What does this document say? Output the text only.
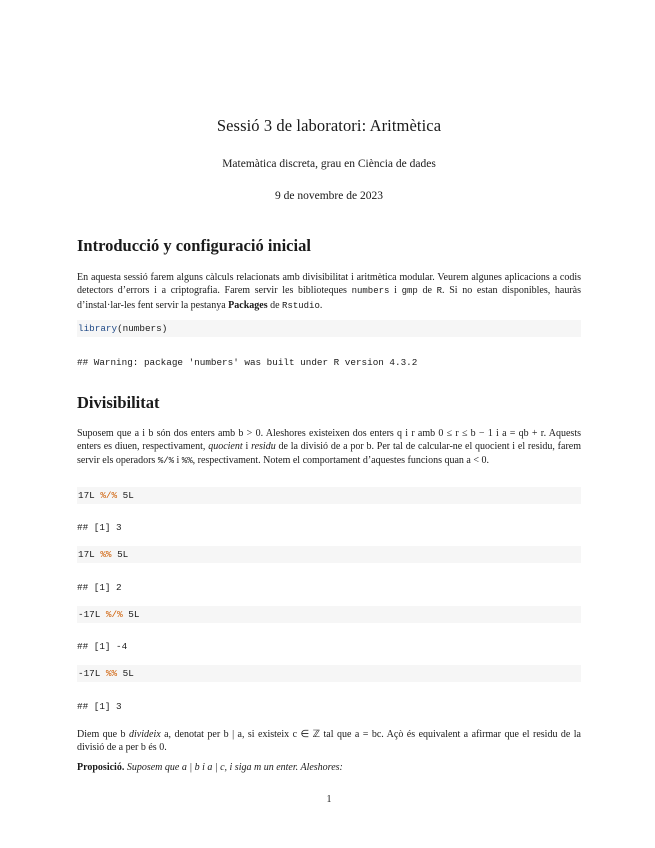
Sessió 3 de laboratori: Aritmètica
Matemàtica discreta, grau en Ciència de dades
9 de novembre de 2023
Introducció y configuració inicial
En aquesta sessió farem alguns càlculs relacionats amb divisibilitat i aritmètica modular. Veurem algunes aplicacions a codis detectors d’errors i a criptografia. Farem servir les biblioteques numbers i gmp de R. Si no estan disponibles, hauràs d’instal·lar-les fent servir la pestanya Packages de Rstudio.
library(numbers)
## Warning: package 'numbers' was built under R version 4.3.2
Divisibilitat
Suposem que a i b són dos enters amb b > 0. Aleshores existeixen dos enters q i r amb 0 ≤ r ≤ b − 1 i a = qb + r. Aquests enters es diuen, respectivament, quocient i residu de la divisió de a por b. Per tal de calcular-ne el quocient i el residu, farem servir els operadors %/% i %%, respectivament. Notem el comportament d’aquestes funcions quan a < 0.
17L %/% 5L
## [1] 3
17L %% 5L
## [1] 2
-17L %/% 5L
## [1] -4
-17L %% 5L
## [1] 3
Diem que b divideix a, denotat per b | a, si existeix c ∈ ℤ tal que a = bc. Açò és equivalent a afirmar que el residu de la divisió de a per b és 0.
Proposició. Suposem que a | b i a | c, i siga m un enter. Aleshores:
1
